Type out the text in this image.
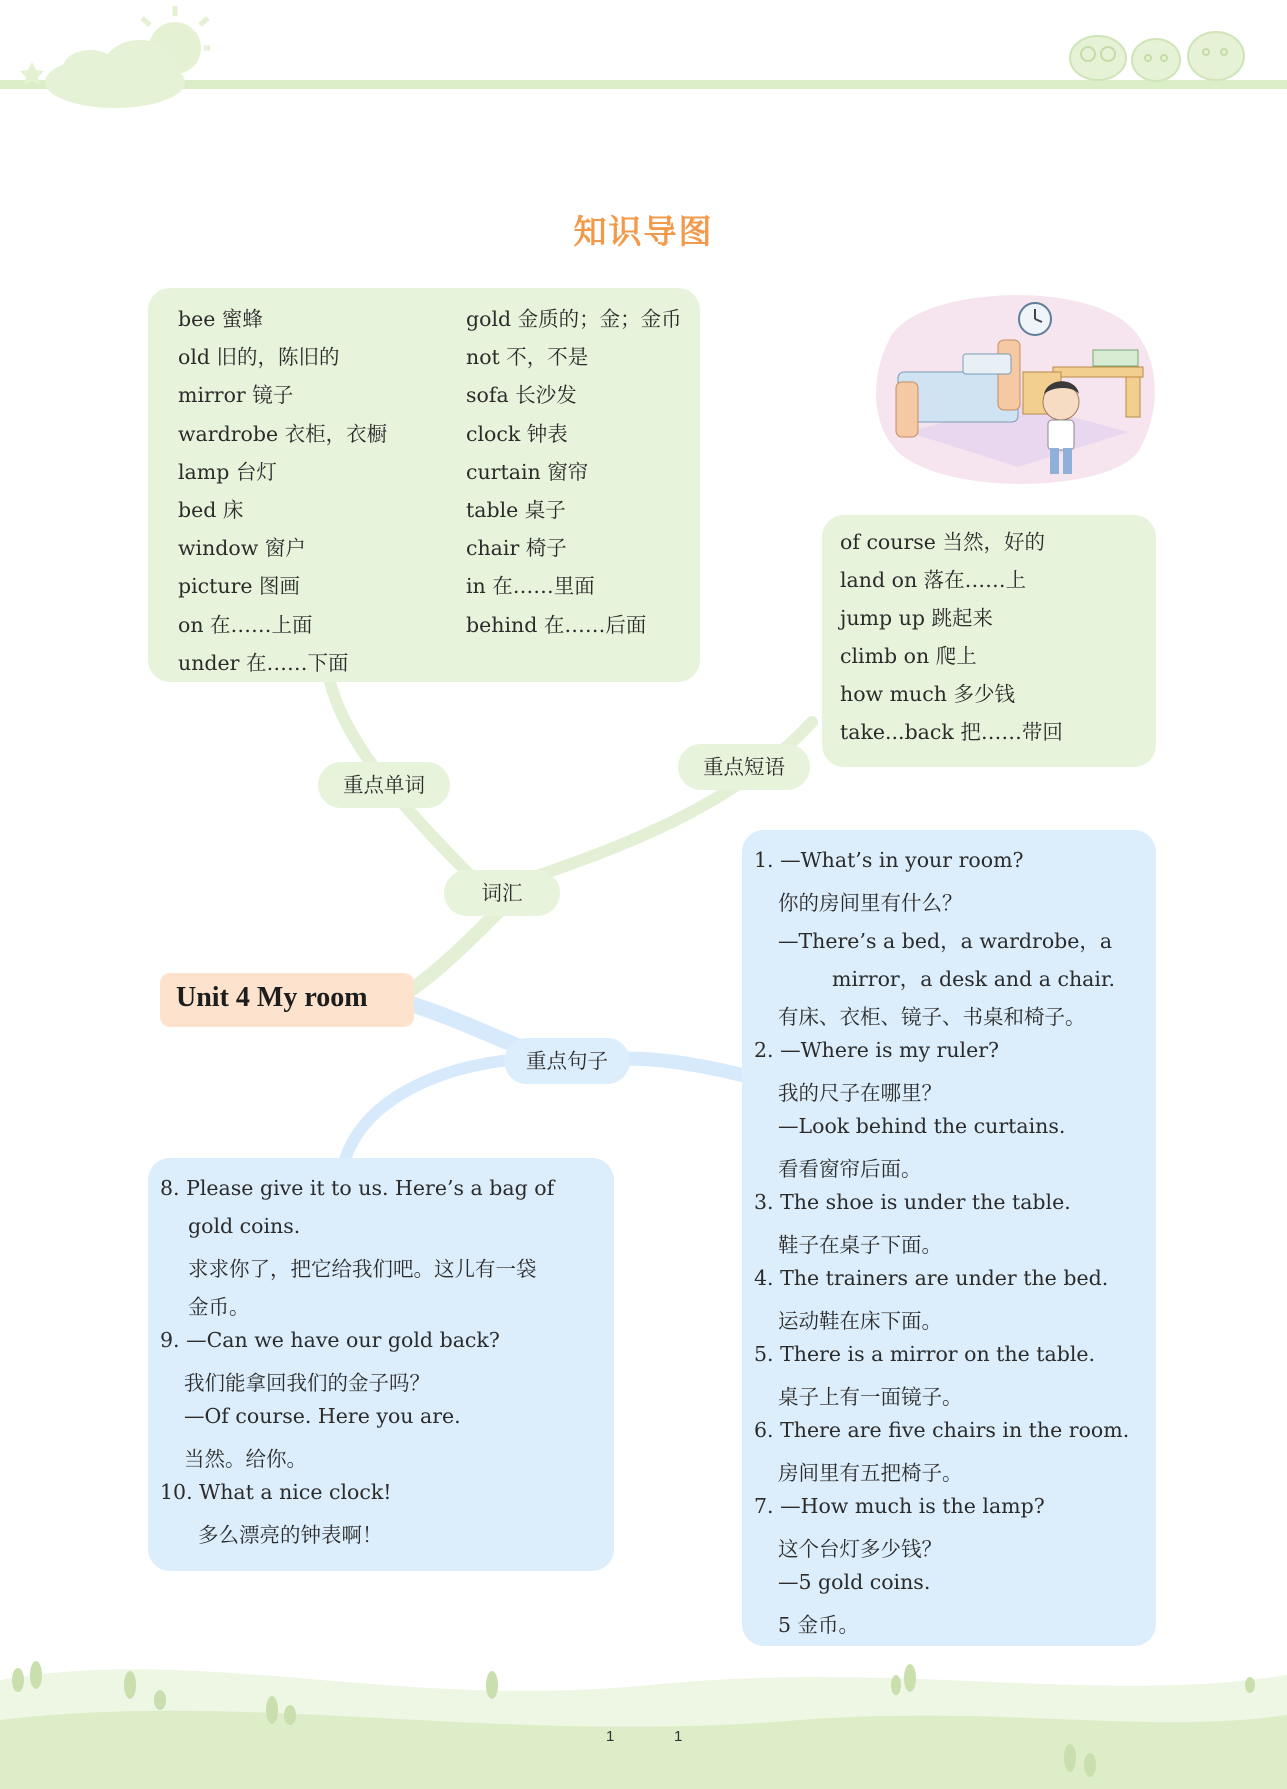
知识导图
bee 蜜蜂
old 旧的，陈旧的
mirror 镜子
wardrobe 衣柜，衣橱
lamp 台灯
bed 床
window 窗户
picture 图画
on 在……上面
under 在……下面
gold 金质的；金；金币
not 不，不是
sofa 长沙发
clock 钟表
curtain 窗帘
table 桌子
chair 椅子
in 在……里面
behind 在……后面
of course 当然，好的
land on 落在……上
jump up 跳起来
climb on 爬上
how much 多少钱
take...back 把……带回
重点单词
重点短语
词汇
重点句子
Unit 4 My room
1. —What’s in your room?
你的房间里有什么？
—There’s a bed，a wardrobe，a
mirror，a desk and a chair.
有床、衣柜、镜子、书桌和椅子。
2. —Where is my ruler?
我的尺子在哪里？
—Look behind the curtains.
看看窗帘后面。
3. The shoe is under the table.
鞋子在桌子下面。
4. The trainers are under the bed.
运动鞋在床下面。
5. There is a mirror on the table.
桌子上有一面镜子。
6. There are five chairs in the room.
房间里有五把椅子。
7. —How much is the lamp?
这个台灯多少钱？
—5 gold coins.
5 金币。
8. Please give it to us. Here’s a bag of
gold coins.
求求你了，把它给我们吧。这儿有一袋
金币。
9. —Can we have our gold back?
我们能拿回我们的金子吗？
—Of course. Here you are.
当然。给你。
10. What a nice clock!
多么漂亮的钟表啊！
1	1
